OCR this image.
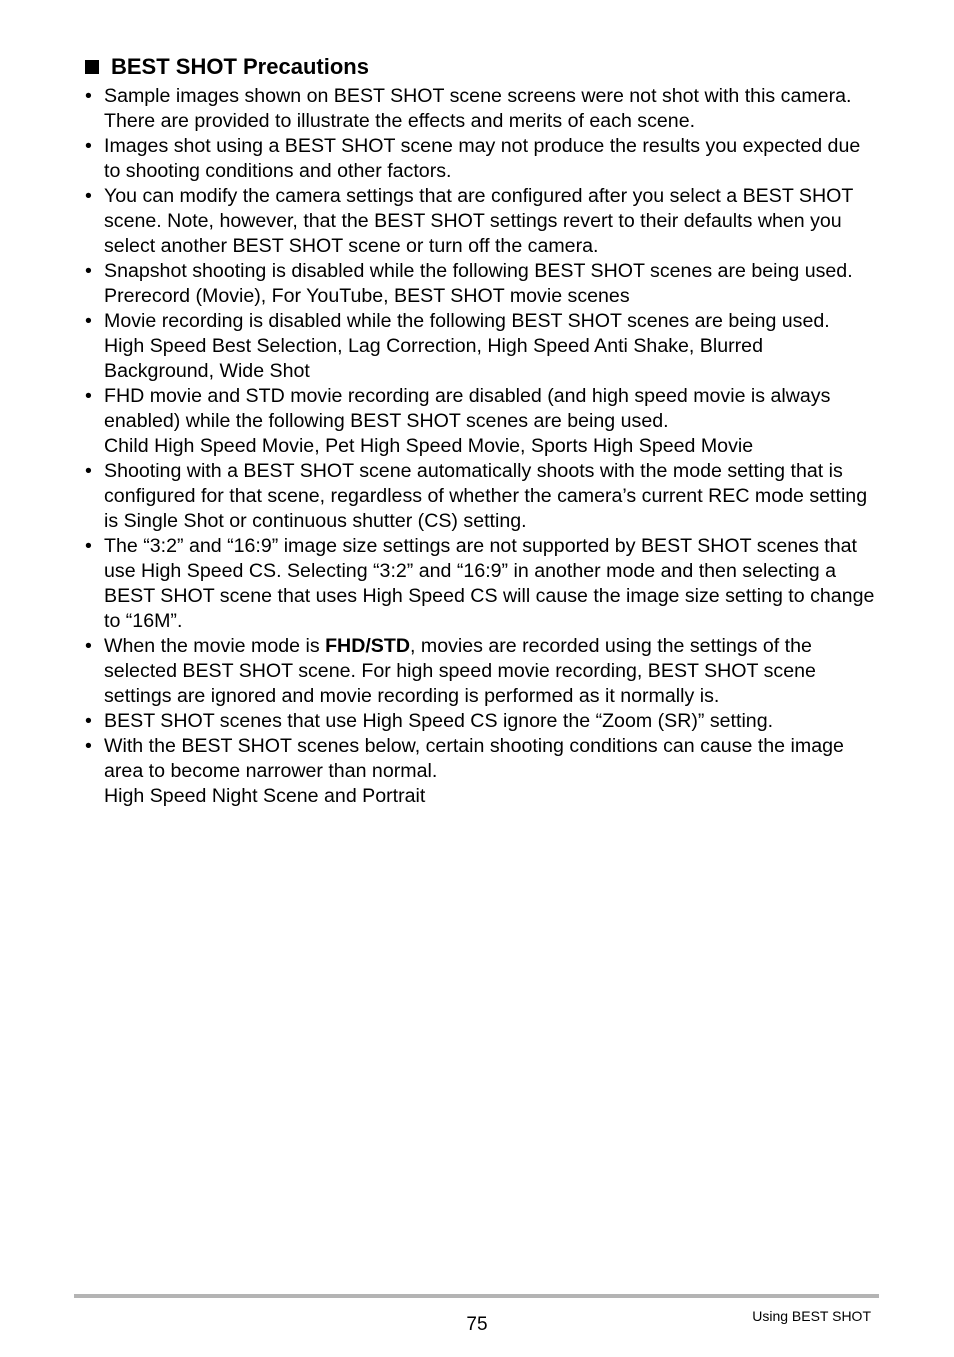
BEST SHOT Precautions
• Sample images shown on BEST SHOT scene screens were not shot with this camera. There are provided to illustrate the effects and merits of each scene.
• Images shot using a BEST SHOT scene may not produce the results you expected due to shooting conditions and other factors.
• You can modify the camera settings that are configured after you select a BEST SHOT scene. Note, however, that the BEST SHOT settings revert to their defaults when you select another BEST SHOT scene or turn off the camera.
• Snapshot shooting is disabled while the following BEST SHOT scenes are being used.
Prerecord (Movie), For YouTube, BEST SHOT movie scenes
• Movie recording is disabled while the following BEST SHOT scenes are being used.
High Speed Best Selection, Lag Correction, High Speed Anti Shake, Blurred Background, Wide Shot
• FHD movie and STD movie recording are disabled (and high speed movie is always enabled) while the following BEST SHOT scenes are being used.
Child High Speed Movie, Pet High Speed Movie, Sports High Speed Movie
• Shooting with a BEST SHOT scene automatically shoots with the mode setting that is configured for that scene, regardless of whether the camera’s current REC mode setting is Single Shot or continuous shutter (CS) setting.
• The “3:2” and “16:9” image size settings are not supported by BEST SHOT scenes that use High Speed CS. Selecting “3:2” and “16:9” in another mode and then selecting a BEST SHOT scene that uses High Speed CS will cause the image size setting to change to “16M”.
• When the movie mode is FHD/STD, movies are recorded using the settings of the selected BEST SHOT scene. For high speed movie recording, BEST SHOT scene settings are ignored and movie recording is performed as it normally is.
• BEST SHOT scenes that use High Speed CS ignore the “Zoom (SR)” setting.
• With the BEST SHOT scenes below, certain shooting conditions can cause the image area to become narrower than normal.
High Speed Night Scene and Portrait
75	Using BEST SHOT
